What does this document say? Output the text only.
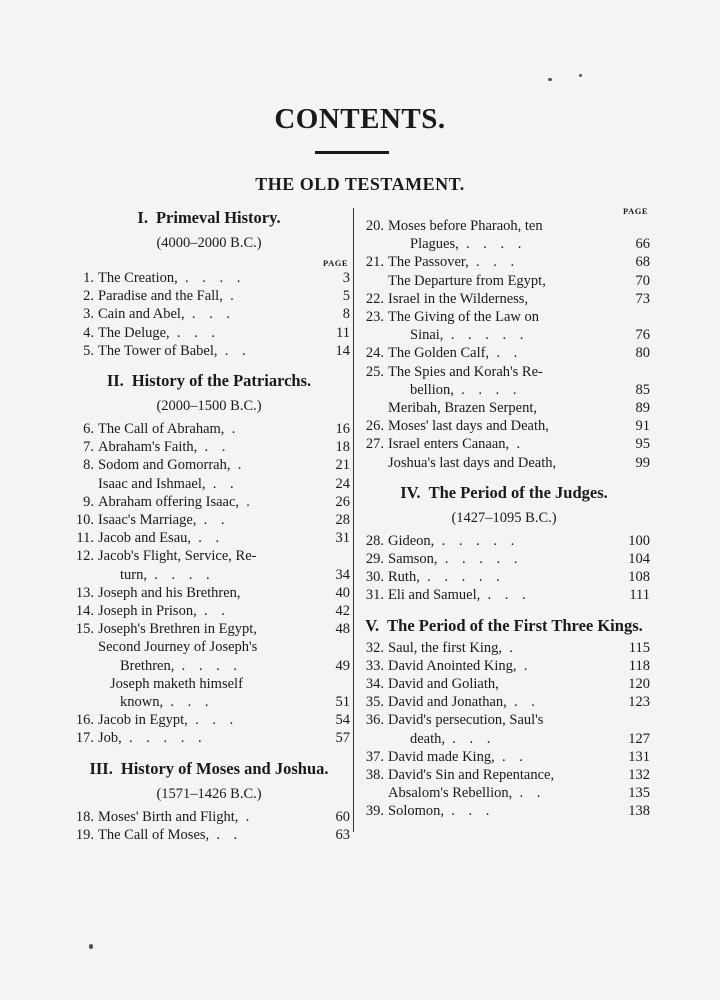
CONTENTS.
THE OLD TESTAMENT.
I. Primeval History.
(4000–2000 B.C.)
PAGE
1. The Creation, . . . .	3
2. Paradise and the Fall, .	5
3. Cain and Abel, . . .	8
4. The Deluge, . . .	11
5. The Tower of Babel, . .	14
II. History of the Patriarchs.
(2000–1500 B.C.)
6. The Call of Abraham, .	16
7. Abraham's Faith, . .	18
8. Sodom and Gomorrah, .	21
Isaac and Ishmael, . .	24
9. Abraham offering Isaac, .	26
10. Isaac's Marriage, . .	28
11. Jacob and Esau, . .	31
12. Jacob's Flight, Service, Re-
turn, . . . .	34
13. Joseph and his Brethren,	40
14. Joseph in Prison, . .	42
15. Joseph's Brethren in Egypt,	48
Second Journey of Joseph's
Brethren, . . . .	49
Joseph maketh himself
known, . . .	51
16. Jacob in Egypt, . . .	54
17. Job, . . . . .	57
III. History of Moses and Joshua.
(1571–1426 B.C.)
18. Moses' Birth and Flight, .	60
19. The Call of Moses, . .	63
PAGE
20. Moses before Pharaoh, ten
Plagues, . . . .	66
21. The Passover, . . .	68
The Departure from Egypt,	70
22. Israel in the Wilderness,	73
23. The Giving of the Law on
Sinai, . . . . .	76
24. The Golden Calf, . .	80
25. The Spies and Korah's Re-
bellion, . . . .	85
Meribah, Brazen Serpent,	89
26. Moses' last days and Death,	91
27. Israel enters Canaan, .	95
Joshua's last days and Death,	99
IV. The Period of the Judges.
(1427–1095 B.C.)
28. Gideon, . . . . .	100
29. Samson, . . . . .	104
30. Ruth, . . . . .	108
31. Eli and Samuel, . . .	111
V. The Period of the First Three Kings.
32. Saul, the first King, .	115
33. David Anointed King, .	118
34. David and Goliath,	120
35. David and Jonathan, . .	123
36. David's persecution, Saul's
death, . . .	127
37. David made King, . .	131
38. David's Sin and Repentance,	132
Absalom's Rebellion, . .	135
39. Solomon, . . .	138
